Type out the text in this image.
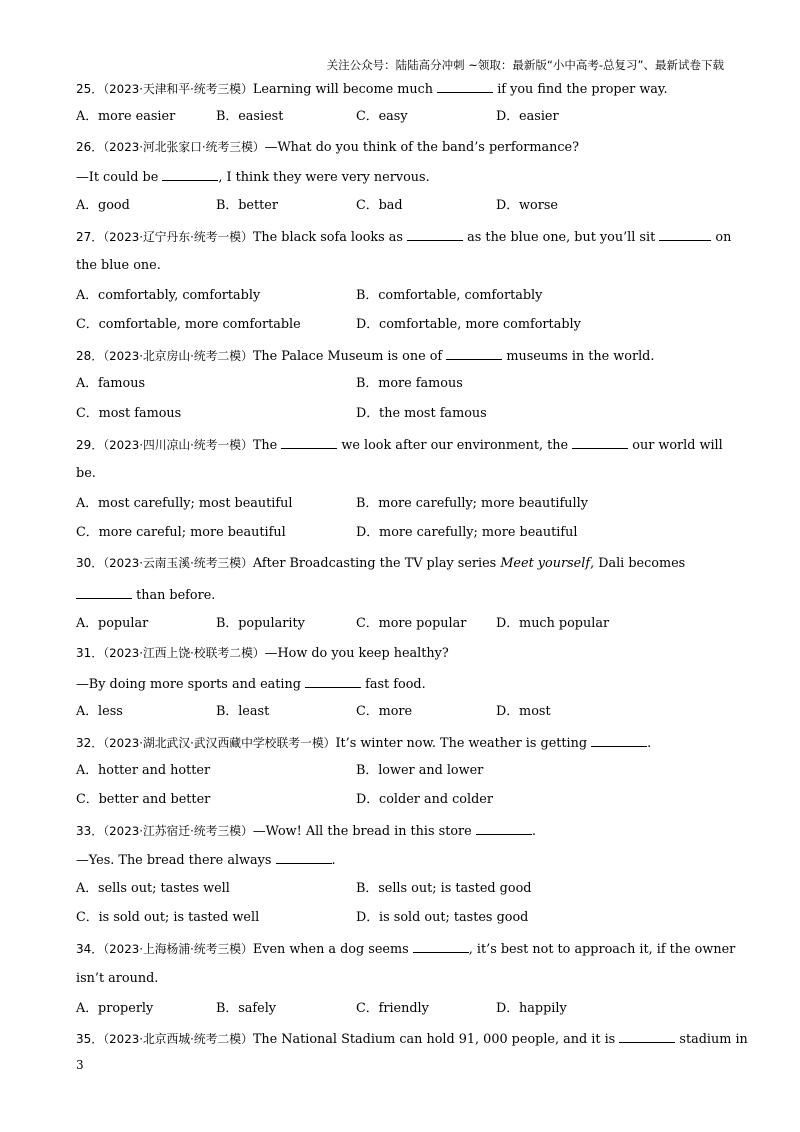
关注公众号：陆陆高分冲刺 ~领取：最新版“小中高考-总复习”、最新试卷下载
25．（2023·天津和平·统考三模）Learning will become much	if you find the proper way.
A．more easier	B．easiest	C．easy	D．easier
26．（2023·河北张家口·统考三模）—What do you think of the band’s performance?
—It could be	, I think they were very nervous.
A．good	B．better	C．bad	D．worse
27．（2023·辽宁丹东·统考一模）The black sofa looks as	as the blue one, but you’ll sit	on
the blue one.
A．comfortably, comfortably	B．comfortable, comfortably
C．comfortable, more comfortable	D．comfortable, more comfortably
28．（2023·北京房山·统考二模）The Palace Museum is one of	museums in the world.
A．famous	B．more famous
C．most famous	D．the most famous
29．（2023·四川凉山·统考一模）The	we look after our environment, the	our world will
be.
A．most carefully; most beautiful	B．more carefully; more beautifully
C．more careful; more beautiful	D．more carefully; more beautiful
30．（2023·云南玉溪·统考三模）After Broadcasting the TV play series Meet yourself, Dali becomes
than before.
A．popular	B．popularity	C．more popular D．much popular
31．（2023·江西上饶·校联考二模）—How do you keep healthy?
—By doing more sports and eating	fast food.
A．less	B．least	C．more	D．most
32．（2023·湖北武汉·武汉西藏中学校联考一模）It’s winter now. The weather is getting	.
A．hotter and hotter	B．lower and lower
C．better and better	D．colder and colder
33．（2023·江苏宿迁·统考三模）—Wow! All the bread in this store	.
—Yes. The bread there always	.
A．sells out; tastes well	B．sells out; is tasted good
C．is sold out; is tasted well	D．is sold out; tastes good
34．（2023·上海杨浦·统考三模）Even when a dog seems	, it’s best not to approach it, if the owner
isn’t around.
A．properly	B．safely	C．friendly	D．happily
35．（2023·北京西城·统考二模）The National Stadium can hold 91, 000 people, and it is	stadium in
3
